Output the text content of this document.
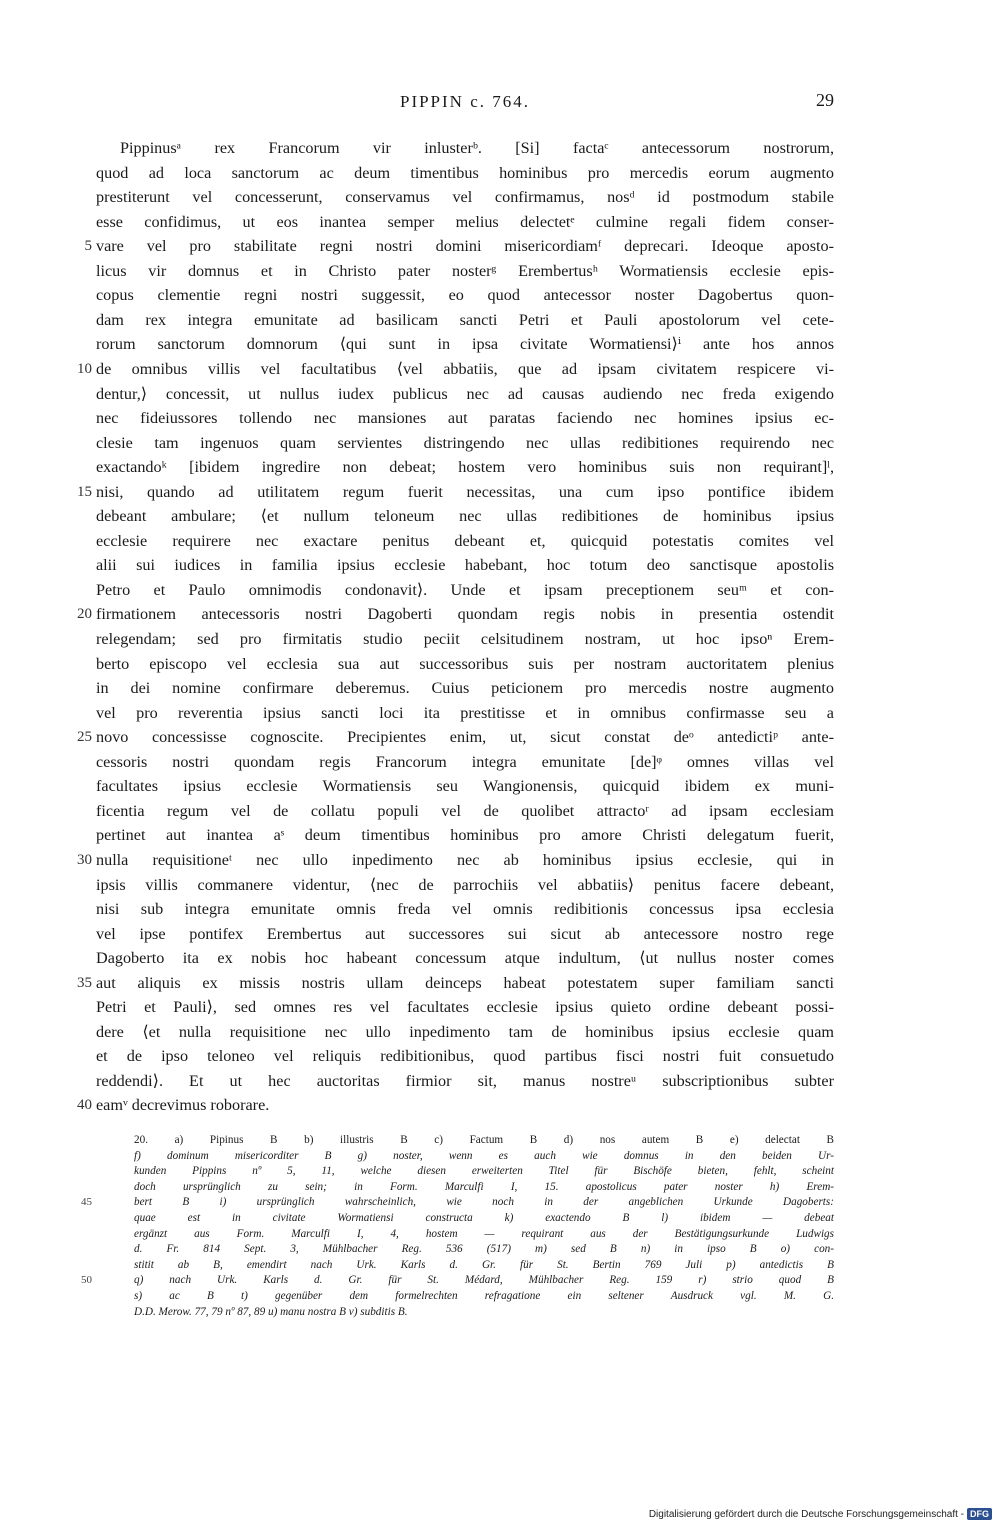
PIPPIN c. 764.	29
Pippinusᵃ rex Francorum vir inlusterᵇ. [Si] factaᶜ antecessorum nostrorum,
quod ad loca sanctorum ac deum timentibus hominibus pro mercedis eorum augmento
prestiterunt vel concesserunt, conservamus vel confirmamus, nosᵈ id postmodum stabile
esse confidimus, ut eos inantea semper melius delectetᵉ culmine regali fidem conser-
vare vel pro stabilitate regni nostri domini misericordiamᶠ deprecari. Ideoque aposto-
5
licus vir domnus et in Christo pater nosterᵍ Erembertusʰ Wormatiensis ecclesie epis-
copus clementie regni nostri suggessit, eo quod antecessor noster Dagobertus quon-
dam rex integra emunitate ad basilicam sancti Petri et Pauli apostolorum vel cete-
rorum sanctorum domnorum ⟨qui sunt in ipsa civitate Wormatiensi⟩ⁱ ante hos annos
de omnibus villis vel facultatibus ⟨vel abbatiis, que ad ipsam civitatem respicere vi-
10
dentur,⟩ concessit, ut nullus iudex publicus nec ad causas audiendo nec freda exigendo
nec fideiussores tollendo nec mansiones aut paratas faciendo nec homines ipsius ec-
clesie tam ingenuos quam servientes distringendo nec ullas redibitiones requirendo nec
exactandoᵏ [ibidem ingredire non debeat; hostem vero hominibus suis non requirant]ˡ,
nisi, quando ad utilitatem regum fuerit necessitas, una cum ipso pontifice ibidem
15
debeant ambulare; ⟨et nullum teloneum nec ullas redibitiones de hominibus ipsius
ecclesie requirere nec exactare penitus debeant et, quicquid potestatis comites vel
alii sui iudices in familia ipsius ecclesie habebant, hoc totum deo sanctisque apostolis
Petro et Paulo omnimodis condonavit⟩. Unde et ipsam preceptionem seuᵐ et con-
firmationem antecessoris nostri Dagoberti quondam regis nobis in presentia ostendit
20
relegendam; sed pro firmitatis studio peciit celsitudinem nostram, ut hoc ipsoⁿ Erem-
berto episcopo vel ecclesia sua aut successoribus suis per nostram auctoritatem plenius
in dei nomine confirmare deberemus. Cuius peticionem pro mercedis nostre augmento
vel pro reverentia ipsius sancti loci ita prestitisse et in omnibus confirmasse seu a
novo concessisse cognoscite. Precipientes enim, ut, sicut constat deᵒ antedictiᵖ ante-
25
cessoris nostri quondam regis Francorum integra emunitate [de]ᵠ omnes villas vel
facultates ipsius ecclesie Wormatiensis seu Wangionensis, quicquid ibidem ex muni-
ficentia regum vel de collatu populi vel de quolibet attractoʳ ad ipsam ecclesiam
pertinet aut inantea aˢ deum timentibus hominibus pro amore Christi delegatum fuerit,
nulla requisitioneᵗ nec ullo inpedimento nec ab hominibus ipsius ecclesie, qui in
30
ipsis villis commanere videntur, ⟨nec de parrochiis vel abbatiis⟩ penitus facere debeant,
nisi sub integra emunitate omnis freda vel omnis redibitionis concessus ipsa ecclesia
vel ipse pontifex Erembertus aut successores sui sicut ab antecessore nostro rege
Dagoberto ita ex nobis hoc habeant concessum atque indultum, ⟨ut nullus noster comes
aut aliquis ex missis nostris ullam deinceps habeat potestatem super familiam sancti
35
Petri et Pauli⟩, sed omnes res vel facultates ecclesie ipsius quieto ordine debeant possi-
dere ⟨et nulla requisitione nec ullo inpedimento tam de hominibus ipsius ecclesie quam
et de ipso teloneo vel reliquis redibitionibus, quod partibus fisci nostri fuit consuetudo
reddendi⟩. Et ut hec auctoritas firmior sit, manus nostreᵘ subscriptionibus subter
eamᵛ decrevimus roborare.
40
20. a) Pipinus B b) illustris B c) Factum B d) nos autem B e) delectat B
f) dominum misericorditer B g) noster, wenn es auch wie domnus in den beiden Ur-
kunden Pippins nº 5, 11, welche diesen erweiterten Titel für Bischöfe bieten, fehlt, scheint
doch ursprünglich zu sein; in Form. Marculfi I, 15. apostolicus pater noster h) Erem-
bert B i) ursprünglich wahrscheinlich, wie noch in der angeblichen Urkunde Dagoberts:
45
quae est in civitate Wormatiensi constructa k) exactendo B l) ibidem — debeat
ergänzt aus Form. Marculfi I, 4, hostem — requirant aus der Bestätigungsurkunde Ludwigs
d. Fr. 814 Sept. 3, Mühlbacher Reg. 536 (517) m) sed B n) in ipso B o) con-
stitit ab B, emendirt nach Urk. Karls d. Gr. für St. Bertin 769 Juli p) antedictis B
q) nach Urk. Karls d. Gr. für St. Médard, Mühlbacher Reg. 159 r) strio quod B
50
s) ac B t) gegenüber dem formelrechten refragatione ein seltener Ausdruck vgl. M. G.
D.D. Merow. 77, 79 nº 87, 89 u) manu nostra B v) subditis B.
Digitalisierung gefördert durch die Deutsche Forschungsgemeinschaft - DFG
